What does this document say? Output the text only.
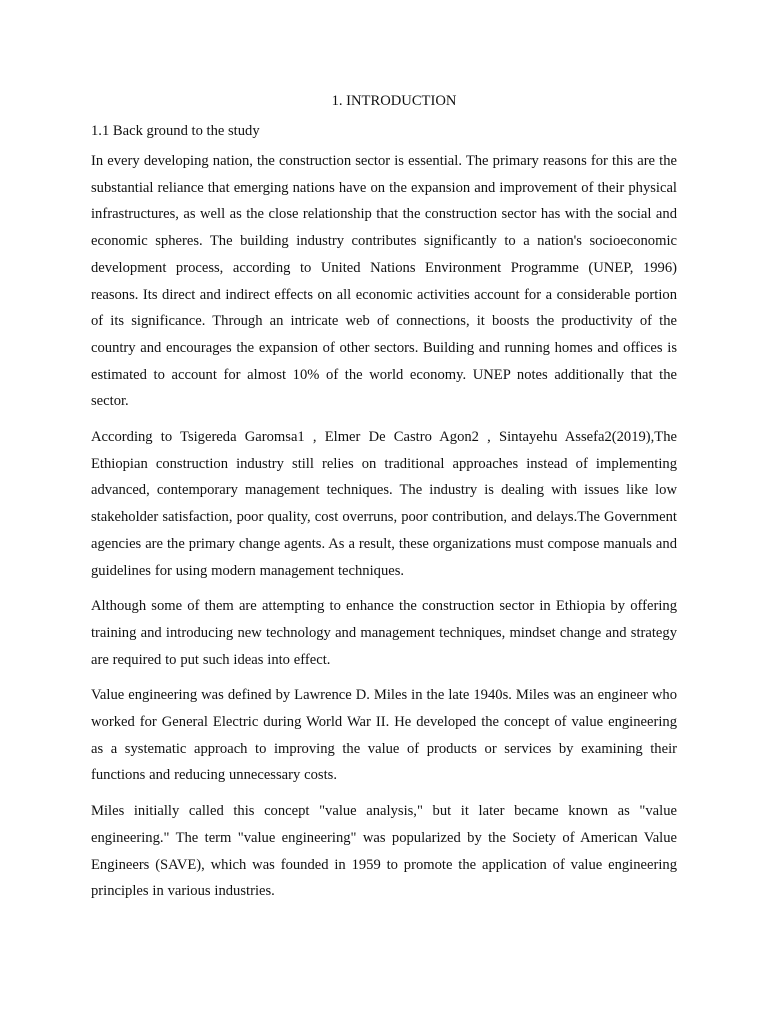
1. INTRODUCTION
1.1 Back ground to the study

In every developing nation, the construction sector is essential. The primary reasons for this are the substantial reliance that emerging nations have on the expansion and improvement of their physical infrastructures, as well as the close relationship that the construction sector has with the social and economic spheres. The building industry contributes significantly to a nation's socioeconomic development process, according to United Nations Environment Programme (UNEP, 1996) reasons. Its direct and indirect effects on all economic activities account for a considerable portion of its significance. Through an intricate web of connections, it boosts the productivity of the country and encourages the expansion of other sectors. Building and running homes and offices is estimated to account for almost 10% of the world economy. UNEP notes additionally that the sector.

According to Tsigereda Garomsa1 , Elmer De Castro Agon2 , Sintayehu Assefa2(2019),The Ethiopian construction industry still relies on traditional approaches instead of implementing advanced, contemporary management techniques. The industry is dealing with issues like low stakeholder satisfaction, poor quality, cost overruns, poor contribution, and delays.The Government agencies are the primary change agents. As a result, these organizations must compose manuals and guidelines for using modern management techniques.

Although some of them are attempting to enhance the construction sector in Ethiopia by offering training and introducing new technology and management techniques, mindset change and strategy are required to put such ideas into effect.

Value engineering was defined by Lawrence D. Miles in the late 1940s. Miles was an engineer who worked for General Electric during World War II. He developed the concept of value engineering as a systematic approach to improving the value of products or services by examining their functions and reducing unnecessary costs.

Miles initially called this concept "value analysis," but it later became known as "value engineering." The term "value engineering" was popularized by the Society of American Value Engineers (SAVE), which was founded in 1959 to promote the application of value engineering principles in various industries.
